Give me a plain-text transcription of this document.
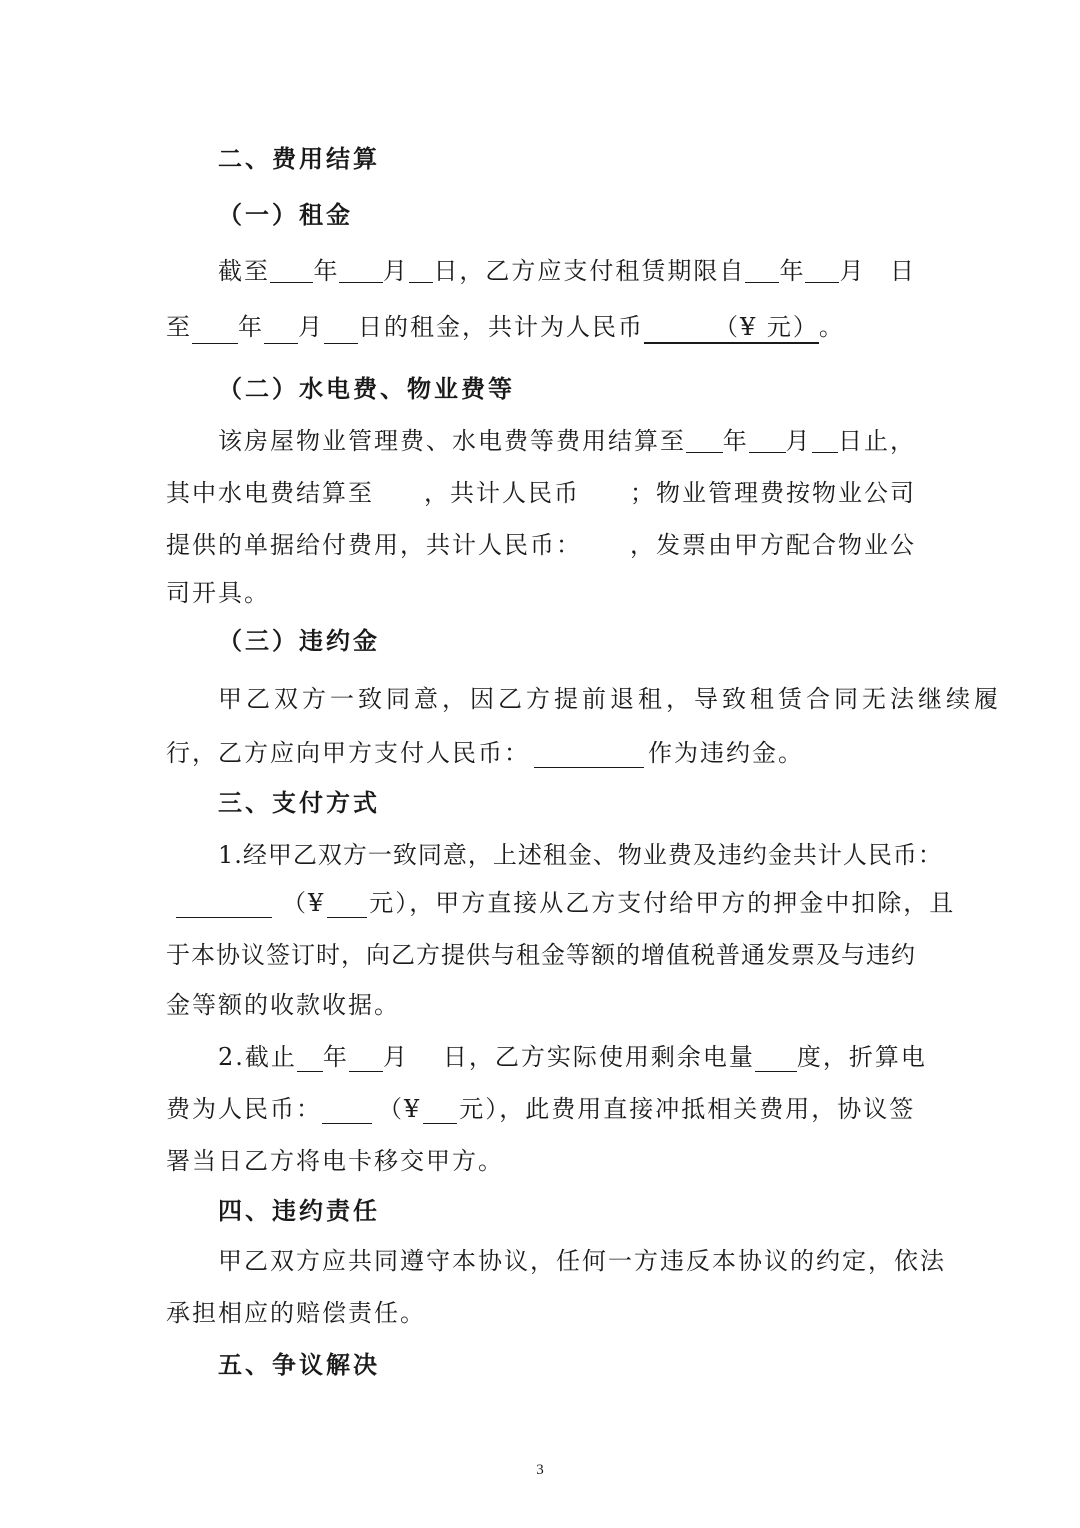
二、费用结算
（一）租金
截至 年 月 日，乙方应支付租赁期限自 年 月 日
至 年 月 日的租金，共计为人民币	（¥ 元）。
（二）水电费、物业费等
该房屋物业管理费、水电费等费用结算至 年 月 日止，
其中水电费结算至 ，共计人民币 ；物业管理费按物业公司
提供的单据给付费用，共计人民币： ，发票由甲方配合物业公
司开具。
（三）违约金
甲乙双方一致同意，因乙方提前退租，导致租赁合同无法继续履
行，乙方应向甲方支付人民币：	作为违约金。
三、支付方式
1.经甲乙双方一致同意，上述租金、物业费及违约金共计人民币：
（¥ 元），甲方直接从乙方支付给甲方的押金中扣除，且
于本协议签订时，向乙方提供与租金等额的增值税普通发票及与违约
金等额的收款收据。
2.截止 年 月 日，乙方实际使用剩余电量 度，折算电
费为人民币： （¥ 元），此费用直接冲抵相关费用，协议签
署当日乙方将电卡移交甲方。
四、违约责任
甲乙双方应共同遵守本协议，任何一方违反本协议的约定，依法
承担相应的赔偿责任。
五、争议解决
3
